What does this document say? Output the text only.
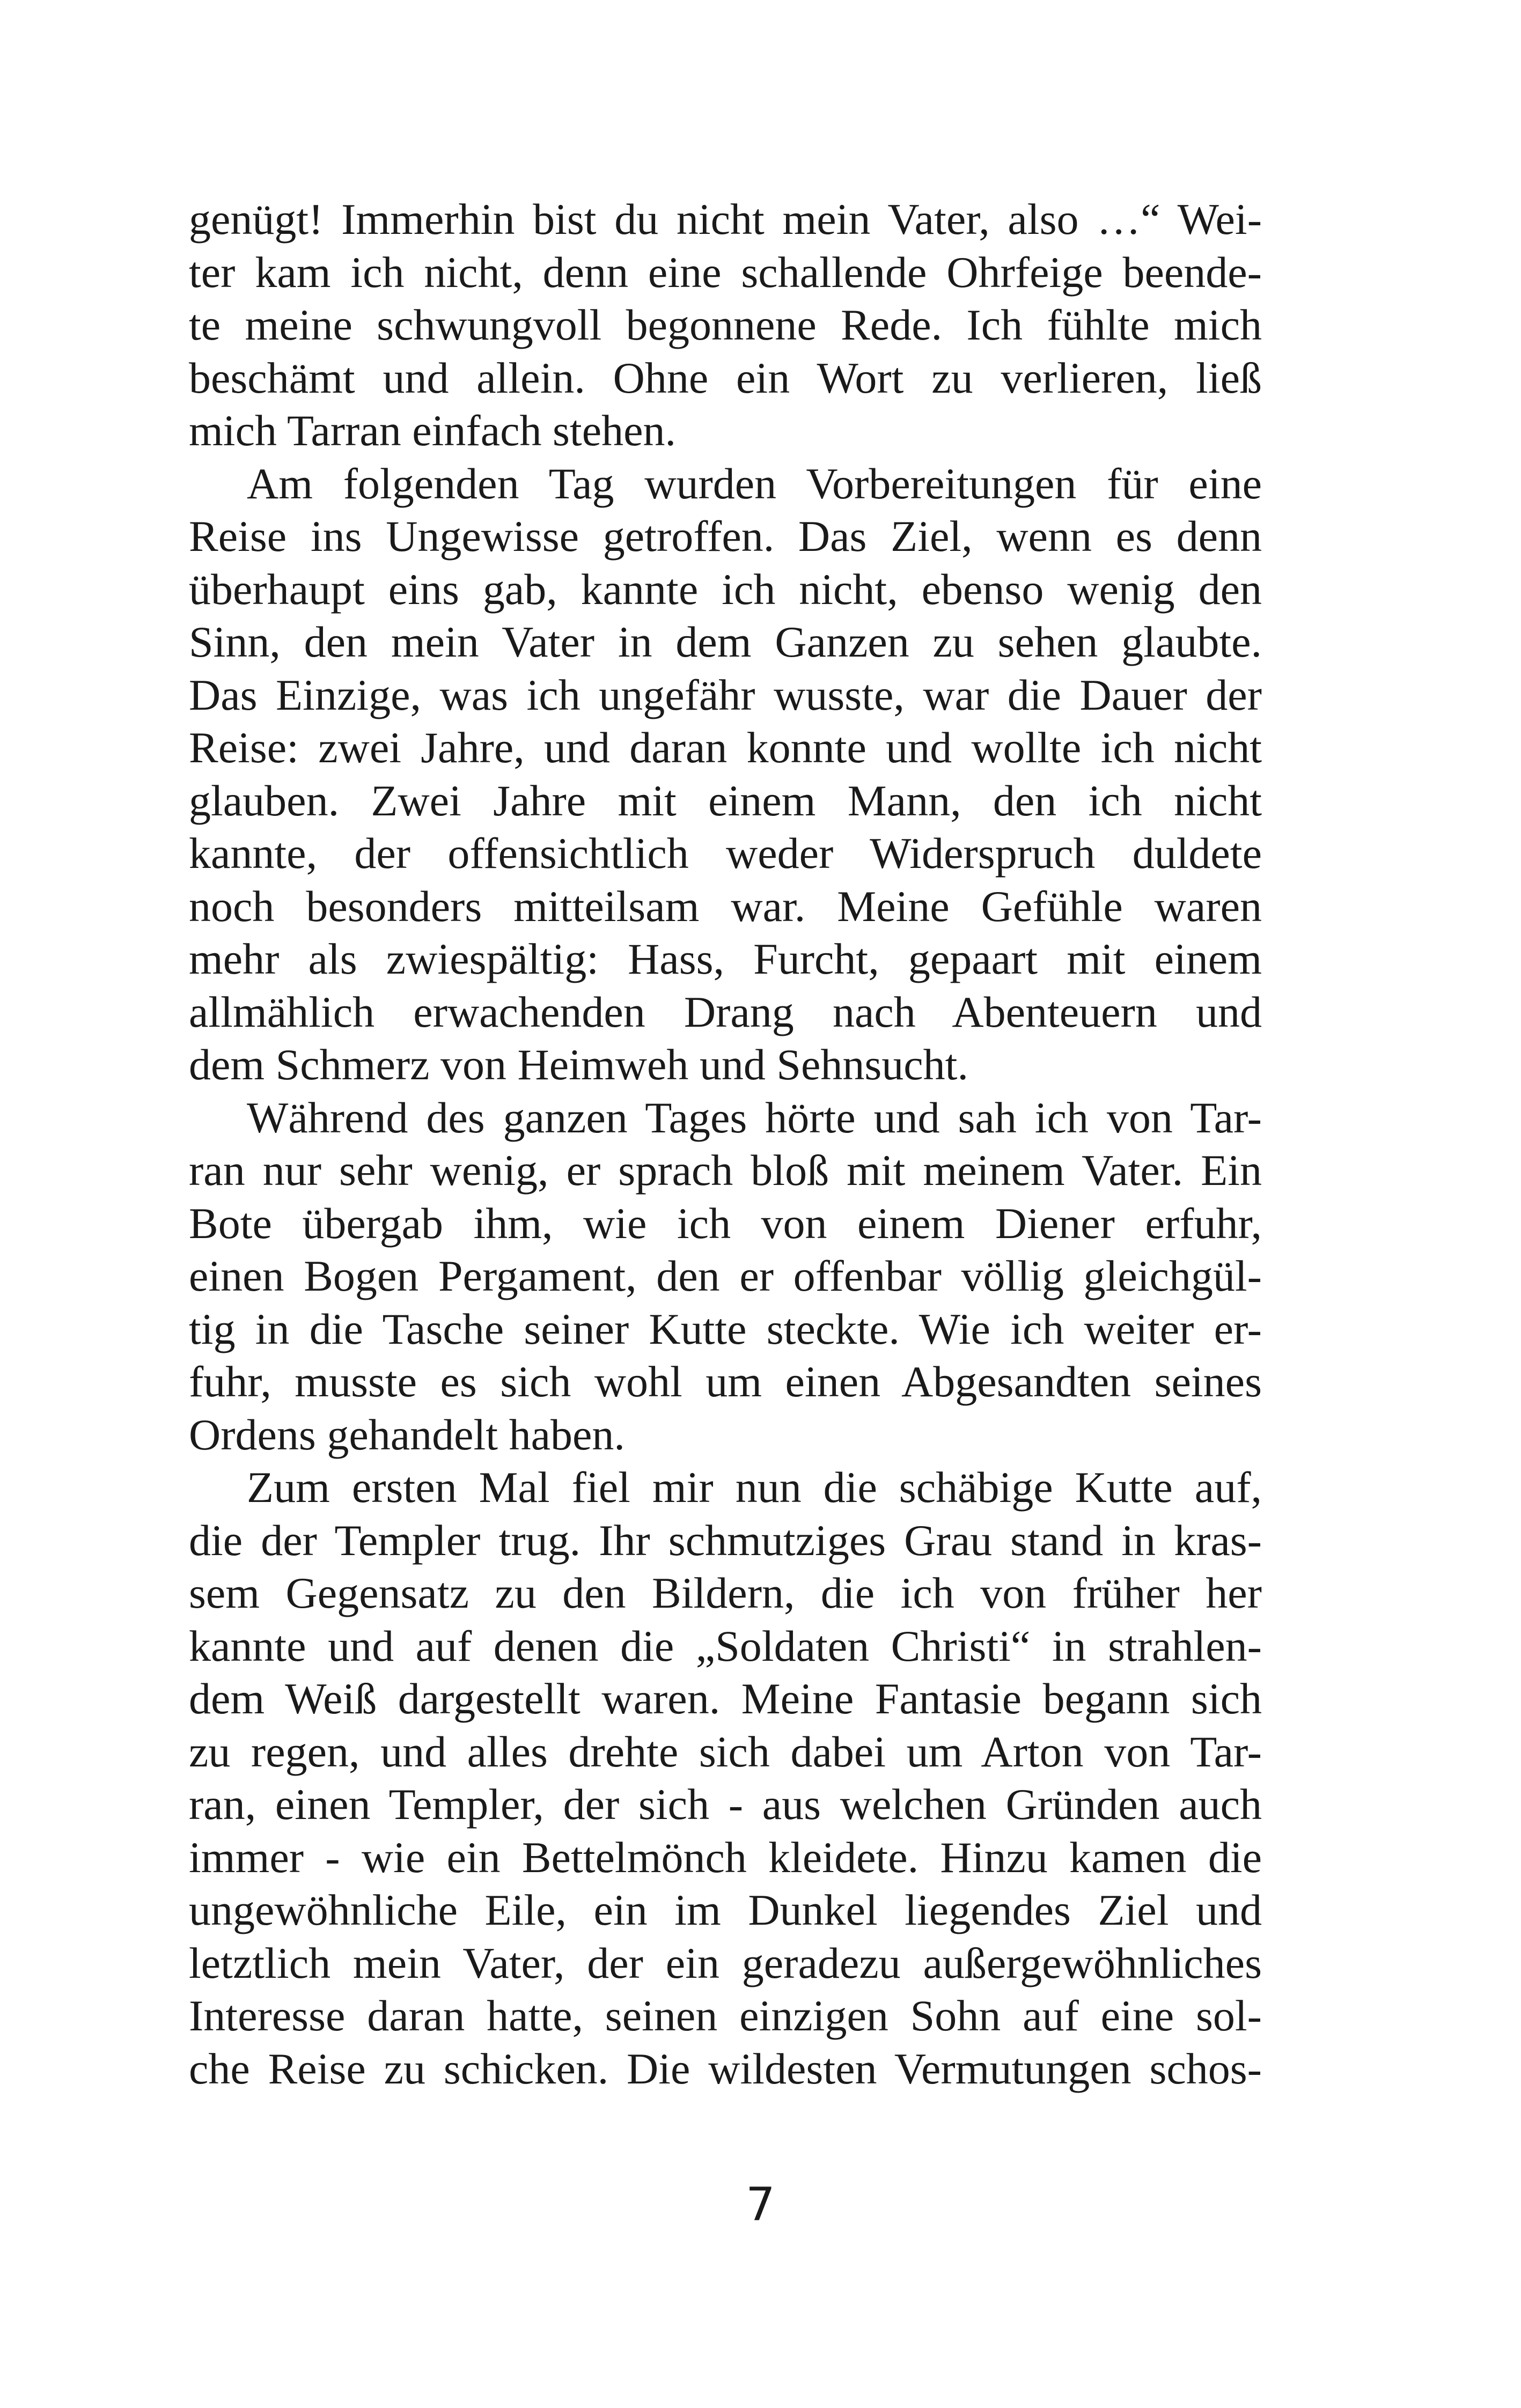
genügt! Immerhin bist du nicht mein Vater, also …“ Wei-
ter kam ich nicht, denn eine schallende Ohrfeige beende-
te meine schwungvoll begonnene Rede. Ich fühlte mich
beschämt und allein. Ohne ein Wort zu verlieren, ließ
mich Tarran einfach stehen.
Am folgenden Tag wurden Vorbereitungen für eine
Reise ins Ungewisse getroffen. Das Ziel, wenn es denn
überhaupt eins gab, kannte ich nicht, ebenso wenig den
Sinn, den mein Vater in dem Ganzen zu sehen glaubte.
Das Einzige, was ich ungefähr wusste, war die Dauer der
Reise: zwei Jahre, und daran konnte und wollte ich nicht
glauben. Zwei Jahre mit einem Mann, den ich nicht
kannte, der offensichtlich weder Widerspruch duldete
noch besonders mitteilsam war. Meine Gefühle waren
mehr als zwiespältig: Hass, Furcht, gepaart mit einem
allmählich erwachenden Drang nach Abenteuern und
dem Schmerz von Heimweh und Sehnsucht.
Während des ganzen Tages hörte und sah ich von Tar-
ran nur sehr wenig, er sprach bloß mit meinem Vater. Ein
Bote übergab ihm, wie ich von einem Diener erfuhr,
einen Bogen Pergament, den er offenbar völlig gleichgül-
tig in die Tasche seiner Kutte steckte. Wie ich weiter er-
fuhr, musste es sich wohl um einen Abgesandten seines
Ordens gehandelt haben.
Zum ersten Mal fiel mir nun die schäbige Kutte auf,
die der Templer trug. Ihr schmutziges Grau stand in kras-
sem Gegensatz zu den Bildern, die ich von früher her
kannte und auf denen die „Soldaten Christi“ in strahlen-
dem Weiß dargestellt waren. Meine Fantasie begann sich
zu regen, und alles drehte sich dabei um Arton von Tar-
ran, einen Templer, der sich - aus welchen Gründen auch
immer - wie ein Bettelmönch kleidete. Hinzu kamen die
ungewöhnliche Eile, ein im Dunkel liegendes Ziel und
letztlich mein Vater, der ein geradezu außergewöhnliches
Interesse daran hatte, seinen einzigen Sohn auf eine sol-
che Reise zu schicken. Die wildesten Vermutungen schos-
7
